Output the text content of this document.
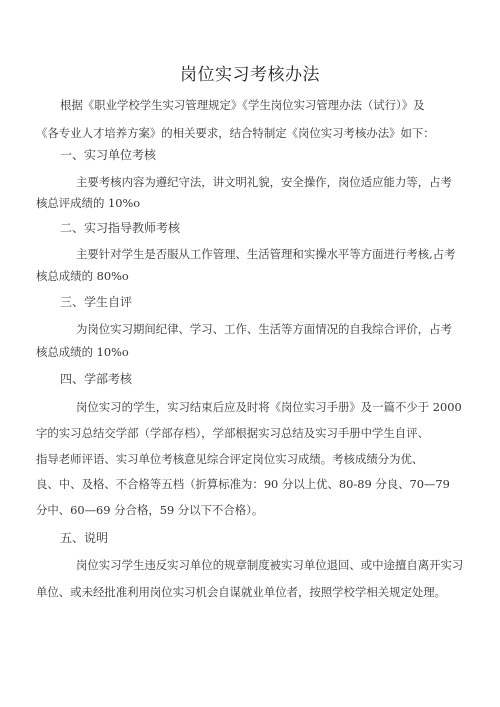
岗位实习考核办法
根据《职业学校学生实习管理规定》《学生岗位实习管理办法（试行）》及
《各专业人才培养方案》的相关要求，结合特制定《岗位实习考核办法》如下：
一、实习单位考核
主要考核内容为遵纪守法，讲文明礼貌，安全操作，岗位适应能力等，占考
核总评成绩的 10%o
二、实习指导教师考核
主要针对学生是否服从工作管理、生活管理和实操水平等方面进行考核,占考
核总成绩的 80%o
三、学生自评
为岗位实习期间纪律、学习、工作、生活等方面情况的自我综合评价，占考
核总成绩的 10%o
四、学部考核
岗位实习的学生，实习结束后应及时将《岗位实习手册》及一篇不少于 2000
字的实习总结交学部（学部存档），学部根据实习总结及实习手册中学生自评、
指导老师评语、实习单位考核意见综合评定岗位实习成绩。考核成绩分为优、
良、中、及格、不合格等五档（折算标准为：90 分以上优、80-89 分良、70—79
分中、60—69 分合格，59 分以下不合格）。
五、说明
岗位实习学生违反实习单位的规章制度被实习单位退回、或中途擅自离开实习
单位、或未经批准利用岗位实习机会自谋就业单位者，按照学校学相关规定处理。
